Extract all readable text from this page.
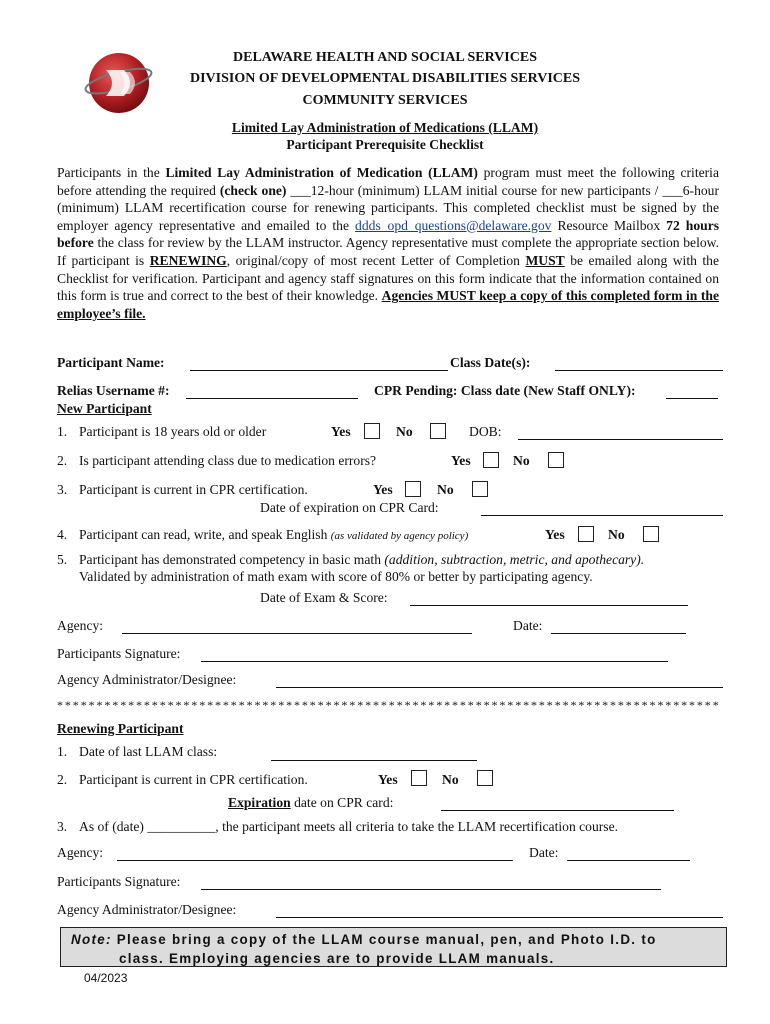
DELAWARE HEALTH AND SOCIAL SERVICES
DIVISION OF DEVELOPMENTAL DISABILITIES SERVICES
COMMUNITY SERVICES
Limited Lay Administration of Medications (LLAM)
Participant Prerequisite Checklist
Participants in the Limited Lay Administration of Medication (LLAM) program must meet the following criteria before attending the required (check one) ___12-hour (minimum) LLAM initial course for new participants / ___6-hour (minimum) LLAM recertification course for renewing participants. This completed checklist must be signed by the employer agency representative and emailed to the ddds_opd_questions@delaware.gov Resource Mailbox 72 hours before the class for review by the LLAM instructor. Agency representative must complete the appropriate section below. If participant is RENEWING, original/copy of most recent Letter of Completion MUST be emailed along with the Checklist for verification. Participant and agency staff signatures on this form indicate that the information contained on this form is true and correct to the best of their knowledge. Agencies MUST keep a copy of this completed form in the employee’s file.
Participant Name:	Class Date(s):
Relias Username #:	CPR Pending: Class date (New Staff ONLY):
New Participant
1. Participant is 18 years old or older	Yes	No	DOB:
2. Is participant attending class due to medication errors?	Yes	No
3. Participant is current in CPR certification.	Yes	No
Date of expiration on CPR Card:
4. Participant can read, write, and speak English (as validated by agency policy)	Yes	No
5. Participant has demonstrated competency in basic math (addition, subtraction, metric, and apothecary).
Validated by administration of math exam with score of 80% or better by participating agency.
Date of Exam & Score:
Agency:	Date:
Participants Signature:
Agency Administrator/Designee:
************************************************************************************
Renewing Participant
1. Date of last LLAM class:
2. Participant is current in CPR certification.	Yes	No
Expiration date on CPR card:
3. As of (date) __________, the participant meets all criteria to take the LLAM recertification course.
Agency:	Date:
Participants Signature:
Agency Administrator/Designee:
Note: Please bring a copy of the LLAM course manual, pen, and Photo I.D. to
class. Employing agencies are to provide LLAM manuals.
04/2023
